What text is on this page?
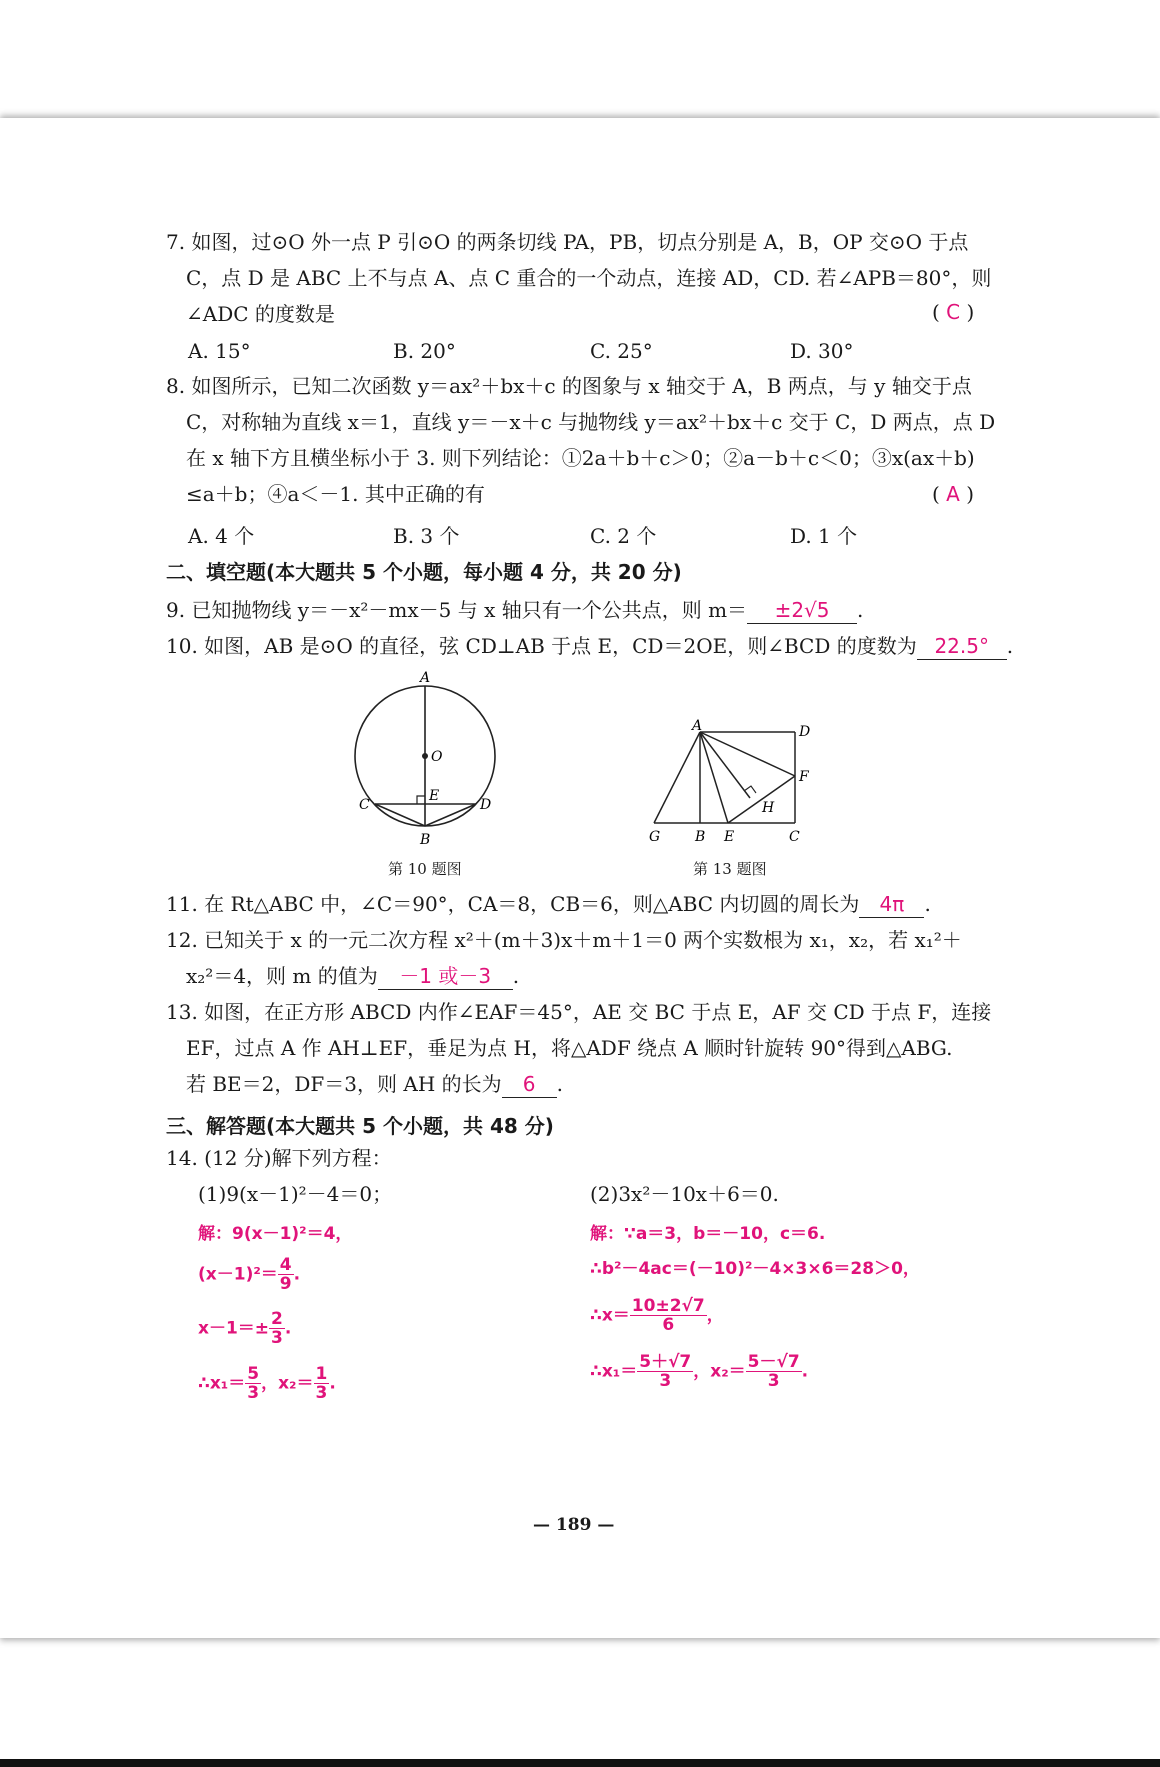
7. 如图，过⊙O 外一点 P 引⊙O 的两条切线 PA，PB，切点分别是 A，B，OP 交⊙O 于点
C，点 D 是 ABC 上不与点 A、点 C 重合的一个动点，连接 AD，CD. 若∠APB＝80°，则
∠ADC 的度数是	( C )
A. 15°	B. 20°	C. 25°	D. 30°
8. 如图所示，已知二次函数 y＝ax²＋bx＋c 的图象与 x 轴交于 A，B 两点，与 y 轴交于点
C，对称轴为直线 x＝1，直线 y＝－x＋c 与抛物线 y＝ax²＋bx＋c 交于 C，D 两点，点 D
在 x 轴下方且横坐标小于 3. 则下列结论：①2a＋b＋c＞0；②a－b＋c＜0；③x(ax＋b)
≤a＋b；④a＜－1. 其中正确的有	( A )
A. 4 个	B. 3 个	C. 2 个	D. 1 个
二、填空题(本大题共 5 个小题，每小题 4 分，共 20 分)
9. 已知抛物线 y＝－x²－mx－5 与 x 轴只有一个公共点，则 m＝ ±2√5 .
10. 如图，AB 是⊙O 的直径，弦 CD⊥AB 于点 E，CD＝2OE，则∠BCD 的度数为 22.5° .
A
O
E
C	D
B
第 10 题图
A	D
F
H
G B E	C
第 13 题图
11. 在 Rt△ABC 中，∠C＝90°，CA＝8，CB＝6，则△ABC 内切圆的周长为 4π .
12. 已知关于 x 的一元二次方程 x²＋(m＋3)x＋m＋1＝0 两个实数根为 x₁，x₂，若 x₁²＋
x₂²＝4，则 m 的值为 －1 或－3 .
13. 如图，在正方形 ABCD 内作∠EAF＝45°，AE 交 BC 于点 E，AF 交 CD 于点 F，连接
EF，过点 A 作 AH⊥EF，垂足为点 H，将△ADF 绕点 A 顺时针旋转 90°得到△ABG.
若 BE＝2，DF＝3，则 AH 的长为 6 .
三、解答题(本大题共 5 个小题，共 48 分)
14. (12 分)解下列方程：
(1)9(x－1)²－4＝0；	(2)3x²－10x＋6＝0.
解：9(x－1)²＝4，
$(x-1)^2= \frac{4}{9}$ .
$x-1=\pm \frac{2}{3}$ .
∴x₁＝ $\frac{5}{3}$ ，$x_2= \frac{1}{3}$ .
解：∵a＝3，b＝－10，c＝6.
∴b²－4ac＝(－10)²－4×3×6＝28＞0，
∴x＝ $\frac{10\pm 2√7}{6}$ ，
∴x₁＝ $\frac{5+√7}{3}$ ，$x_2= \frac{5-√7}{3}$ .
— 189 —
